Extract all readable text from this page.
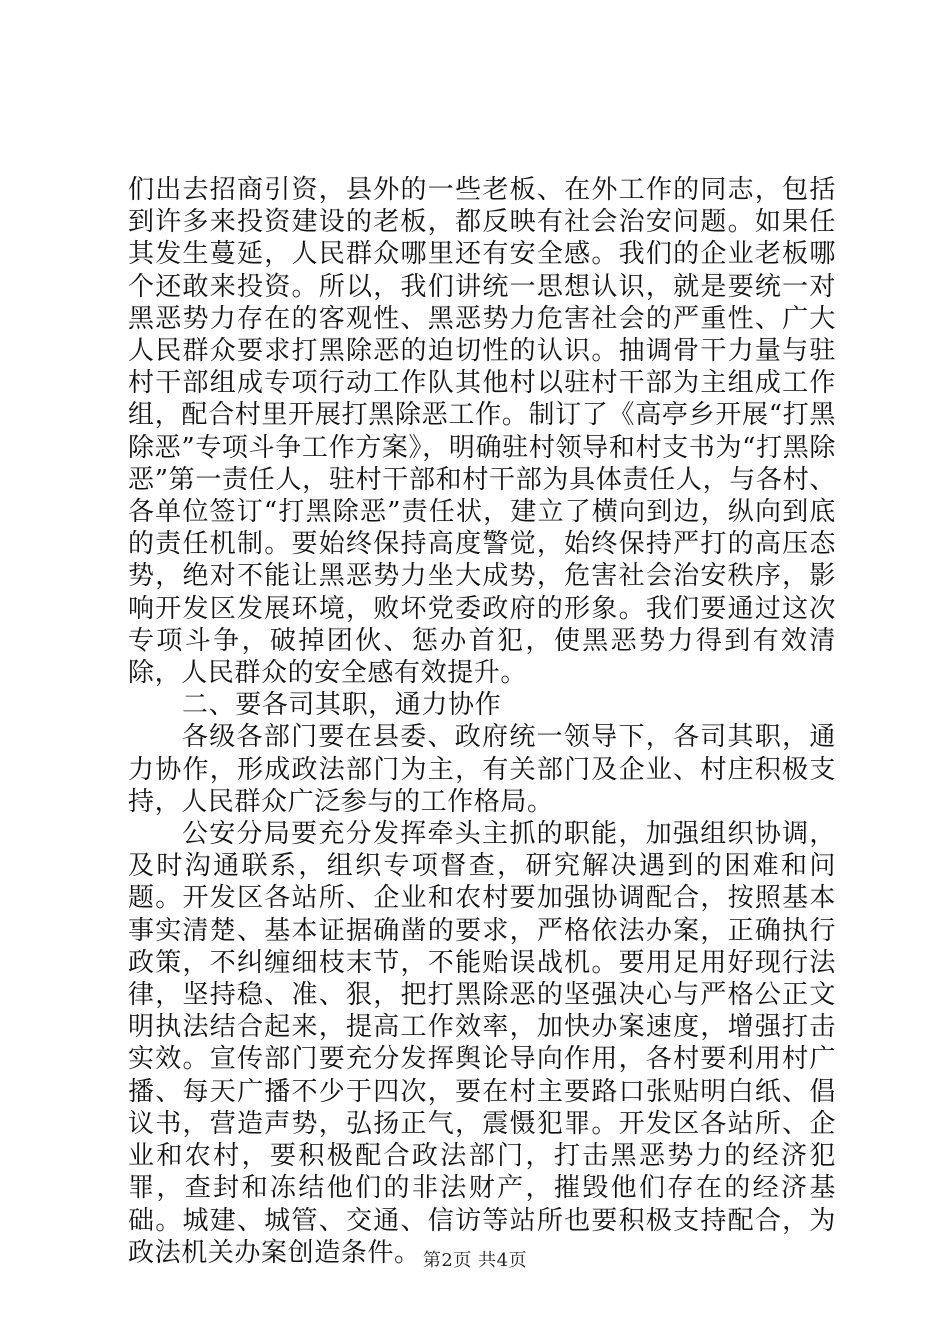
们出去招商引资，县外的一些老板、在外工作的同志，包括到许多来投资建设的老板，都反映有社会治安问题。如果任其发生蔓延，人民群众哪里还有安全感。我们的企业老板哪个还敢来投资。所以，我们讲统一思想认识，就是要统一对黑恶势力存在的客观性、黑恶势力危害社会的严重性、广大人民群众要求打黑除恶的迫切性的认识。抽调骨干力量与驻村干部组成专项行动工作队其他村以驻村干部为主组成工作组，配合村里开展打黑除恶工作。制订了《高亭乡开展“打黑除恶”专项斗争工作方案》，明确驻村领导和村支书为“打黑除恶”第一责任人，驻村干部和村干部为具体责任人，与各村、各单位签订“打黑除恶”责任状，建立了横向到边，纵向到底的责任机制。要始终保持高度警觉，始终保持严打的高压态势，绝对不能让黑恶势力坐大成势，危害社会治安秩序，影响开发区发展环境，败坏党委政府的形象。我们要通过这次专项斗争，破掉团伙、惩办首犯，使黑恶势力得到有效清除，人民群众的安全感有效提升。

二、要各司其职，通力协作

各级各部门要在县委、政府统一领导下，各司其职，通力协作，形成政法部门为主，有关部门及企业、村庄积极支持，人民群众广泛参与的工作格局。

公安分局要充分发挥牵头主抓的职能，加强组织协调，及时沟通联系，组织专项督查，研究解决遇到的困难和问题。开发区各站所、企业和农村要加强协调配合，按照基本事实清楚、基本证据确凿的要求，严格依法办案，正确执行政策，不纠缠细枝末节，不能贻误战机。要用足用好现行法律，坚持稳、准、狠，把打黑除恶的坚强决心与严格公正文明执法结合起来，提高工作效率，加快办案速度，增强打击实效。宣传部门要充分发挥舆论导向作用，各村要利用村广播、每天广播不少于四次，要在村主要路口张贴明白纸、倡议书，营造声势，弘扬正气，震慑犯罪。开发区各站所、企业和农村，要积极配合政法部门，打击黑恶势力的经济犯罪，查封和冻结他们的非法财产，摧毁他们存在的经济基础。城建、城管、交通、信访等站所也要积极支持配合，为政法机关办案创造条件。 第2页 共4页
